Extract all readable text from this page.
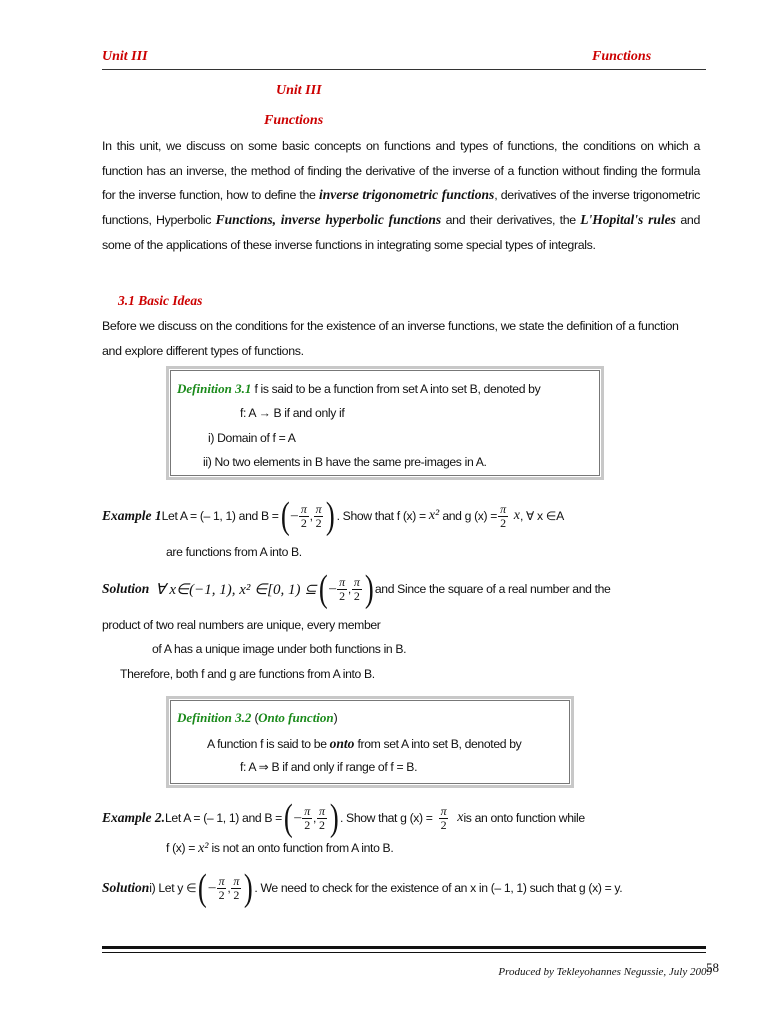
Unit III	Functions
Unit III
Functions
In this unit, we discuss on some basic concepts on functions and types of functions, the conditions on which a function has an inverse, the method of finding the derivative of the inverse of a function without finding the formula for the inverse function, how to define the inverse trigonometric functions, derivatives of the inverse trigonometric functions, Hyperbolic Functions, inverse hyperbolic functions and their derivatives, the L'Hopital's rules and some of the applications of these inverse functions in integrating some special types of integrals.
3.1 Basic Ideas
Before we discuss on the conditions for the existence of an inverse functions, we state the definition of a function and explore different types of functions.
Definition 3.1 f is said to be a function from set A into set B, denoted by
f: A → B if and only if
i) Domain of f = A
ii) No two elements in B have the same pre-images in A.
Example 1 Let A = (– 1, 1) and B = ( – $\frac{\pi}{2}$ , $\frac{\pi}{2}$ ) . Show that f (x) =
x²
and g $(x) = \frac{\pi}{2}$ x , ∀ x ∈A
are functions from A into B.
Solution
∀ x∈(−1, 1), x² ∈[0, 1) ⊆ ( – $\frac{\pi}{2}$ , $\frac{\pi}{2}$ ) and Since the square of a real number and the
product of two real numbers are unique, every member
of A has a unique image under both functions in B.
Therefore, both f and g are functions from A into B.
Definition 3.2 (Onto function)
A function f is said to be onto from set A into set B, denoted by
f: A ⇒ B if and only if range of f = B.
Example 2. Let A = (– 1, 1) and B = ( – $\frac{\pi}{2}$ , $\frac{\pi}{2}$ ) . Show that g $(x) = \frac{\pi}{2}$ x is an onto function while
f (x) = x² is not an onto function from A into B.
Solution i) Let y ∈ ( – $\frac{\pi}{2}$ , $\frac{\pi}{2}$ ) . We need to check for the existence of an x in (– 1, 1) such that g (x) = y.
Produced by Tekleyohannes Negussie, July 2009
58
